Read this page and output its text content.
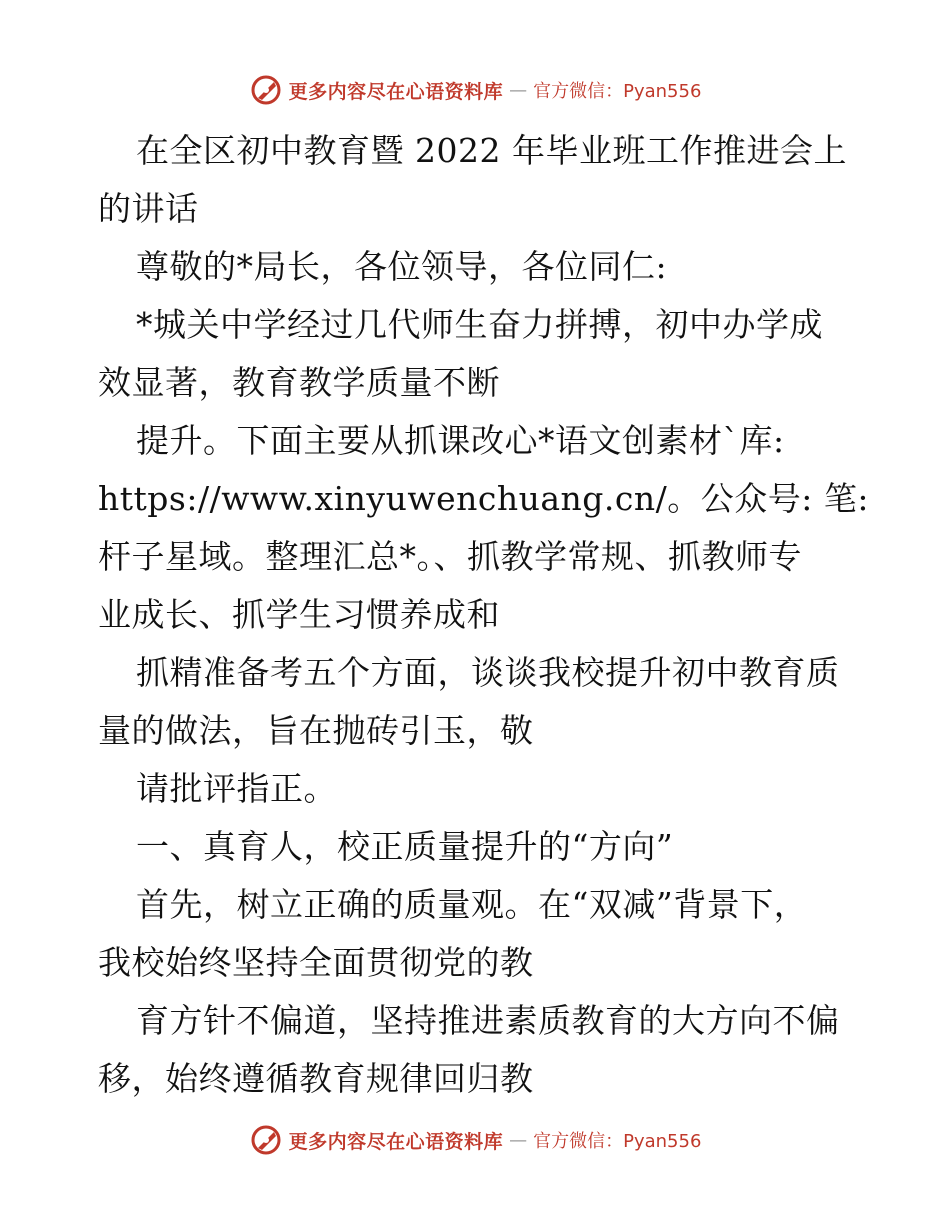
更多内容尽在心语资料库 — 官方微信：Pyan556
在全区初中教育暨 2022 年毕业班工作推进会上
的讲话
尊敬的*局长，各位领导，各位同仁:
*城关中学经过几代师生奋力拼搏，初中办学成
效显著，教育教学质量不断
提升。下面主要从抓课改心*语文创素材`库:
https://www.xinyuwenchuang.cn/。公众号: 笔:
杆子星域。整理汇总*。、抓教学常规、抓教师专
业成长、抓学生习惯养成和
抓精准备考五个方面，谈谈我校提升初中教育质
量的做法，旨在抛砖引玉，敬
请批评指正。
一、真育人，校正质量提升的“方向”
首先，树立正确的质量观。在“双减”背景下，
我校始终坚持全面贯彻党的教
育方针不偏道，坚持推进素质教育的大方向不偏
移，始终遵循教育规律回归教
更多内容尽在心语资料库 — 官方微信：Pyan556
